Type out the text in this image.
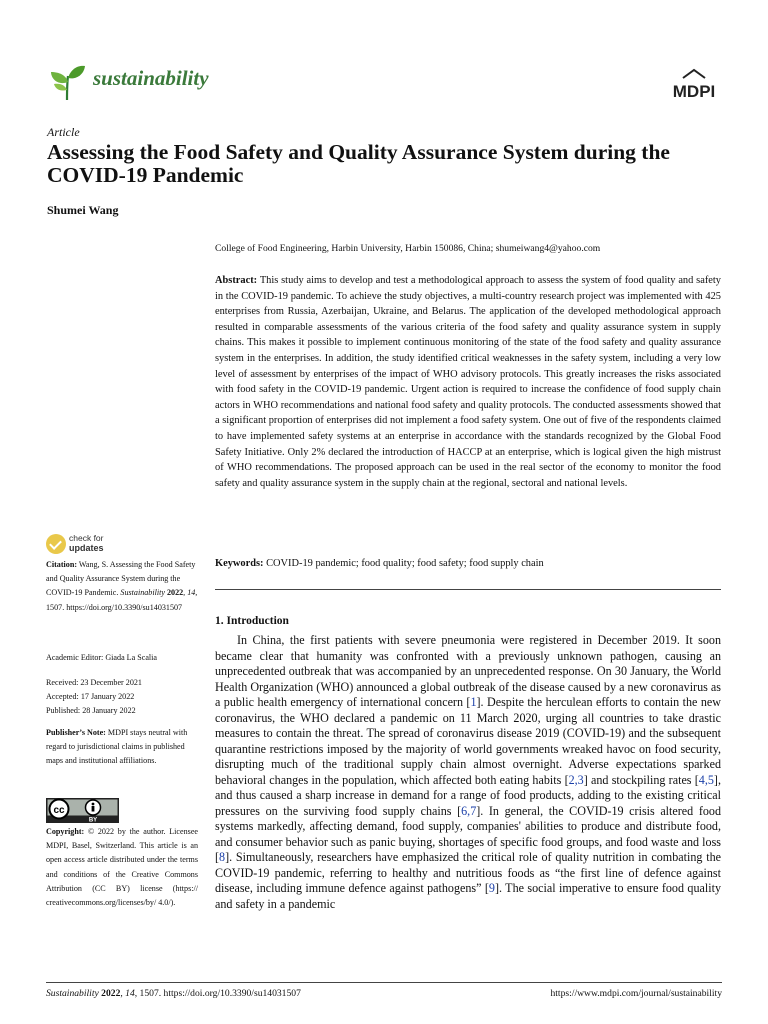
sustainability
MDPI
Article
Assessing the Food Safety and Quality Assurance System during the COVID-19 Pandemic
Shumei Wang
College of Food Engineering, Harbin University, Harbin 150086, China; shumeiwang4@yahoo.com
Abstract: This study aims to develop and test a methodological approach to assess the system of food quality and safety in the COVID-19 pandemic. To achieve the study objectives, a multi-country research project was implemented with 425 enterprises from Russia, Azerbaijan, Ukraine, and Belarus. The application of the developed methodological approach resulted in comparable assessments of the various criteria of the food safety and quality assurance system in supply chains. This makes it possible to implement continuous monitoring of the state of the food safety and quality assurance system in the enterprises. In addition, the study identified critical weaknesses in the safety system, including a very low level of assessment by enterprises of the impact of WHO advisory protocols. This greatly increases the risks associated with food safety in the COVID-19 pandemic. Urgent action is required to increase the confidence of food supply chain actors in WHO recommendations and national food safety and quality protocols. The conducted assessments showed that a significant proportion of enterprises did not implement a food safety system. One out of five of the respondents claimed to have implemented safety systems at an enterprise in accordance with the standards recognized by the Global Food Safety Initiative. Only 2% declared the introduction of HACCP at an enterprise, which is logical given the high mistrust of WHO recommendations. The proposed approach can be used in the real sector of the economy to monitor the food safety and quality assurance system in the supply chain at the regional, sectoral and national levels.
Keywords: COVID-19 pandemic; food quality; food safety; food supply chain
1. Introduction
In China, the first patients with severe pneumonia were registered in December 2019. It soon became clear that humanity was confronted with a previously unknown pathogen, causing an unprecedented outbreak that was accompanied by an unprecedented response. On 30 January, the World Health Organization (WHO) announced a global outbreak of the disease caused by a new coronavirus as a public health emergency of international concern [1]. Despite the herculean efforts to contain the new coronavirus, the WHO declared a pandemic on 11 March 2020, urging all countries to take drastic measures to contain the threat. The spread of coronavirus disease 2019 (COVID-19) and the subsequent quarantine restrictions imposed by the majority of world governments wreaked havoc on food security, disrupting much of the traditional supply chain almost overnight. Adverse expectations sparked behavioral changes in the population, which affected both eating habits [2,3] and stockpiling rates [4,5], and thus caused a sharp increase in demand for a range of food products, adding to the existing critical pressures on the surviving food supply chains [6,7]. In general, the COVID-19 crisis altered food systems markedly, affecting demand, food supply, companies' abilities to produce and distribute food, and consumer behavior such as panic buying, shortages of specific food groups, and food waste and loss [8]. Simultaneously, researchers have emphasized the critical role of quality nutrition in combating the COVID-19 pandemic, referring to healthy and nutritious foods as “the first line of defence against disease, including immune defence against pathogens” [9]. The social imperative to ensure food quality and safety in a pandemic
check for
updates
Citation: Wang, S. Assessing the Food Safety and Quality Assurance System during the COVID-19 Pandemic. Sustainability 2022, 14, 1507. https://doi.org/10.3390/su14031507
Academic Editor: Giada La Scalia
Received: 23 December 2021
Accepted: 17 January 2022
Published: 28 January 2022
Publisher’s Note: MDPI stays neutral with regard to jurisdictional claims in published maps and institutional affiliations.
cc
BY
Copyright: © 2022 by the author. Licensee MDPI, Basel, Switzerland. This article is an open access article distributed under the terms and conditions of the Creative Commons Attribution (CC BY) license (https:// creativecommons.org/licenses/by/ 4.0/).
Sustainability 2022, 14, 1507. https://doi.org/10.3390/su14031507	https://www.mdpi.com/journal/sustainability
